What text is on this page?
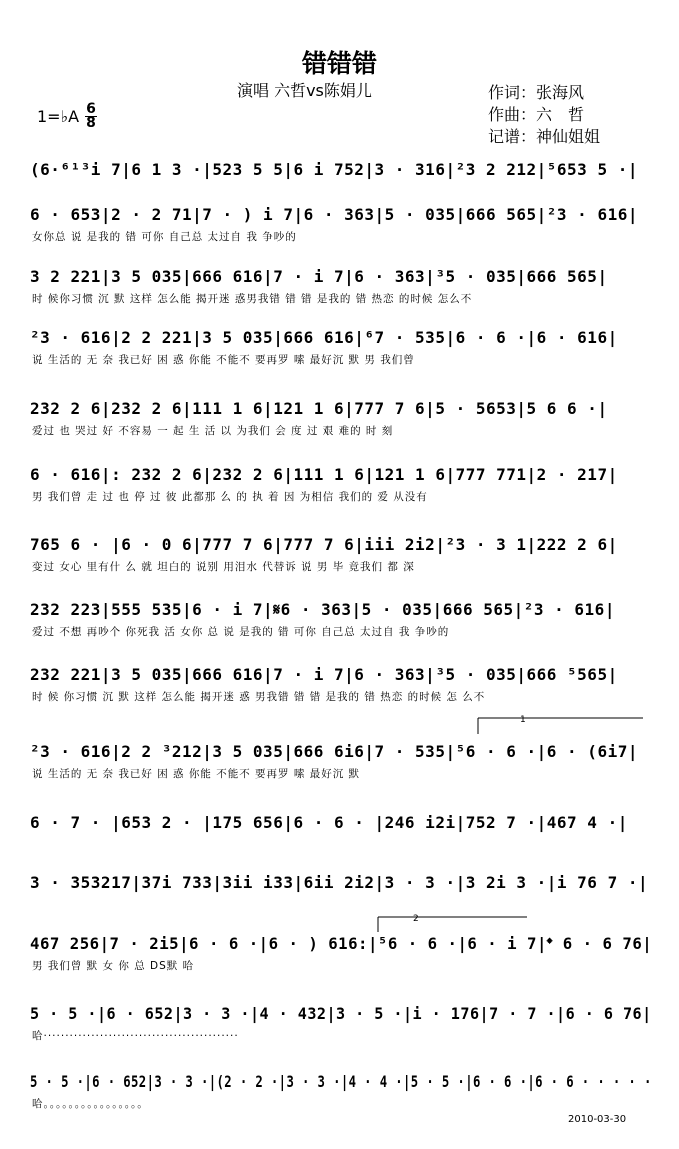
错错错
演唱 六哲vs陈娟儿	作词：张海风
作曲：六　哲
记谱：神仙姐姐
1=♭A $\frac{6}{8}$
(6·⁶¹³i 7|6 1 3 ·|523 5 5|6 i 752|3 · 316|²3 2 212|⁵653 5 ·|
6 · 653|2 · 2 71|7 · ) i 7|6 · 363|5 · 035|666 565|²3 · 616|
女你总 说 是我的 错 可你 自己总 太过自 我 争吵的
3 2 221|3 5 035|666 616|7 · i 7|6 · 363|³5 · 035|666 565|
时 候你习惯 沉 默 这样 怎么能 揭开迷 惑男我错 错 错 是我的 错 热恋 的时候 怎么不
²3 · 616|2 2 221|3 5 035|666 616|⁶7 · 535|6 · 6 ·|6 · 616|
说 生活的 无 奈 我已好 困 惑 你能 不能不 要再罗 嗦 最好沉 默 男 我们曾
232 2 6|232 2 6|111 1 6|121 1 6|777 7 6|5 · 5653|5 6 6 ·|
爱过 也 哭过 好 不容易 一 起 生 活 以 为我们 会 度 过 艰 难的 时 刻
6 · 616|: 232 2 6|232 2 6|111 1 6|121 1 6|777 771|2 · 217|
男 我们曾 走 过 也 停 过 彼 此都那 么 的 执 着 因 为相信 我们的 爱 从没有
765 6 · |6 · 0 6|777 7 6|777 7 6|iii 2i2|²3 · 3 1|222 2 6|
变过 女心 里有什 么 就 坦白的 说别 用泪水 代替诉 说 男 毕 竟我们 都 深
232 223|555 535|6 · i 7|𝄋6 · 363|5 · 035|666 565|²3 · 616|
爱过 不想 再吵个 你死我 活 女你 总 说 是我的 错 可你 自己总 太过自 我 争吵的
232 221|3 5 035|666 616|7 · i 7|6 · 363|³5 · 035|666 ⁵565|
时 候 你习惯 沉 默 这样 怎么能 揭开迷 惑 男我错 错 错 是我的 错 热恋 的时候 怎 么不
²3 · 616|2 2 ³212|3 5 035|666 6i6|7 · 535|⁵6 · 6 ·|6 · (6i7|
说 生活的 无 奈 我已好 困 惑 你能 不能不 要再罗 嗦 最好沉 默
6 · 7 · |653 2 · |175 656|6 · 6 · |246 i2i|752 7 ·|467 4 ·|
3 · 353217|37i 733|3ii i33|6ii 2i2|3 · 3 ·|3 2i 3 ·|i 76 7 ·|
467 256|7 · 2i5|6 · 6 ·|6 · ) 616:|⁵6 · 6 ·|6 · i 7|𝄌 6 · 6 76|
男 我们曾 默 女 你 总 DS默 哈
5 · 5 ·|6 · 652|3 · 3 ·|4 · 432|3 · 5 ·|i · 176|7 · 7 ·|6 · 6 76|
哈·············································
5 · 5 ·|6 · 652|3 · 3 ·|(2 · 2 ·|3 · 3 ·|4 · 4 ·|5 · 5 ·|6 · 6 ·|6 · 6 · · · · ·
哈。。。。。。。。。。。。。。。。
1
2
2010-03-30
